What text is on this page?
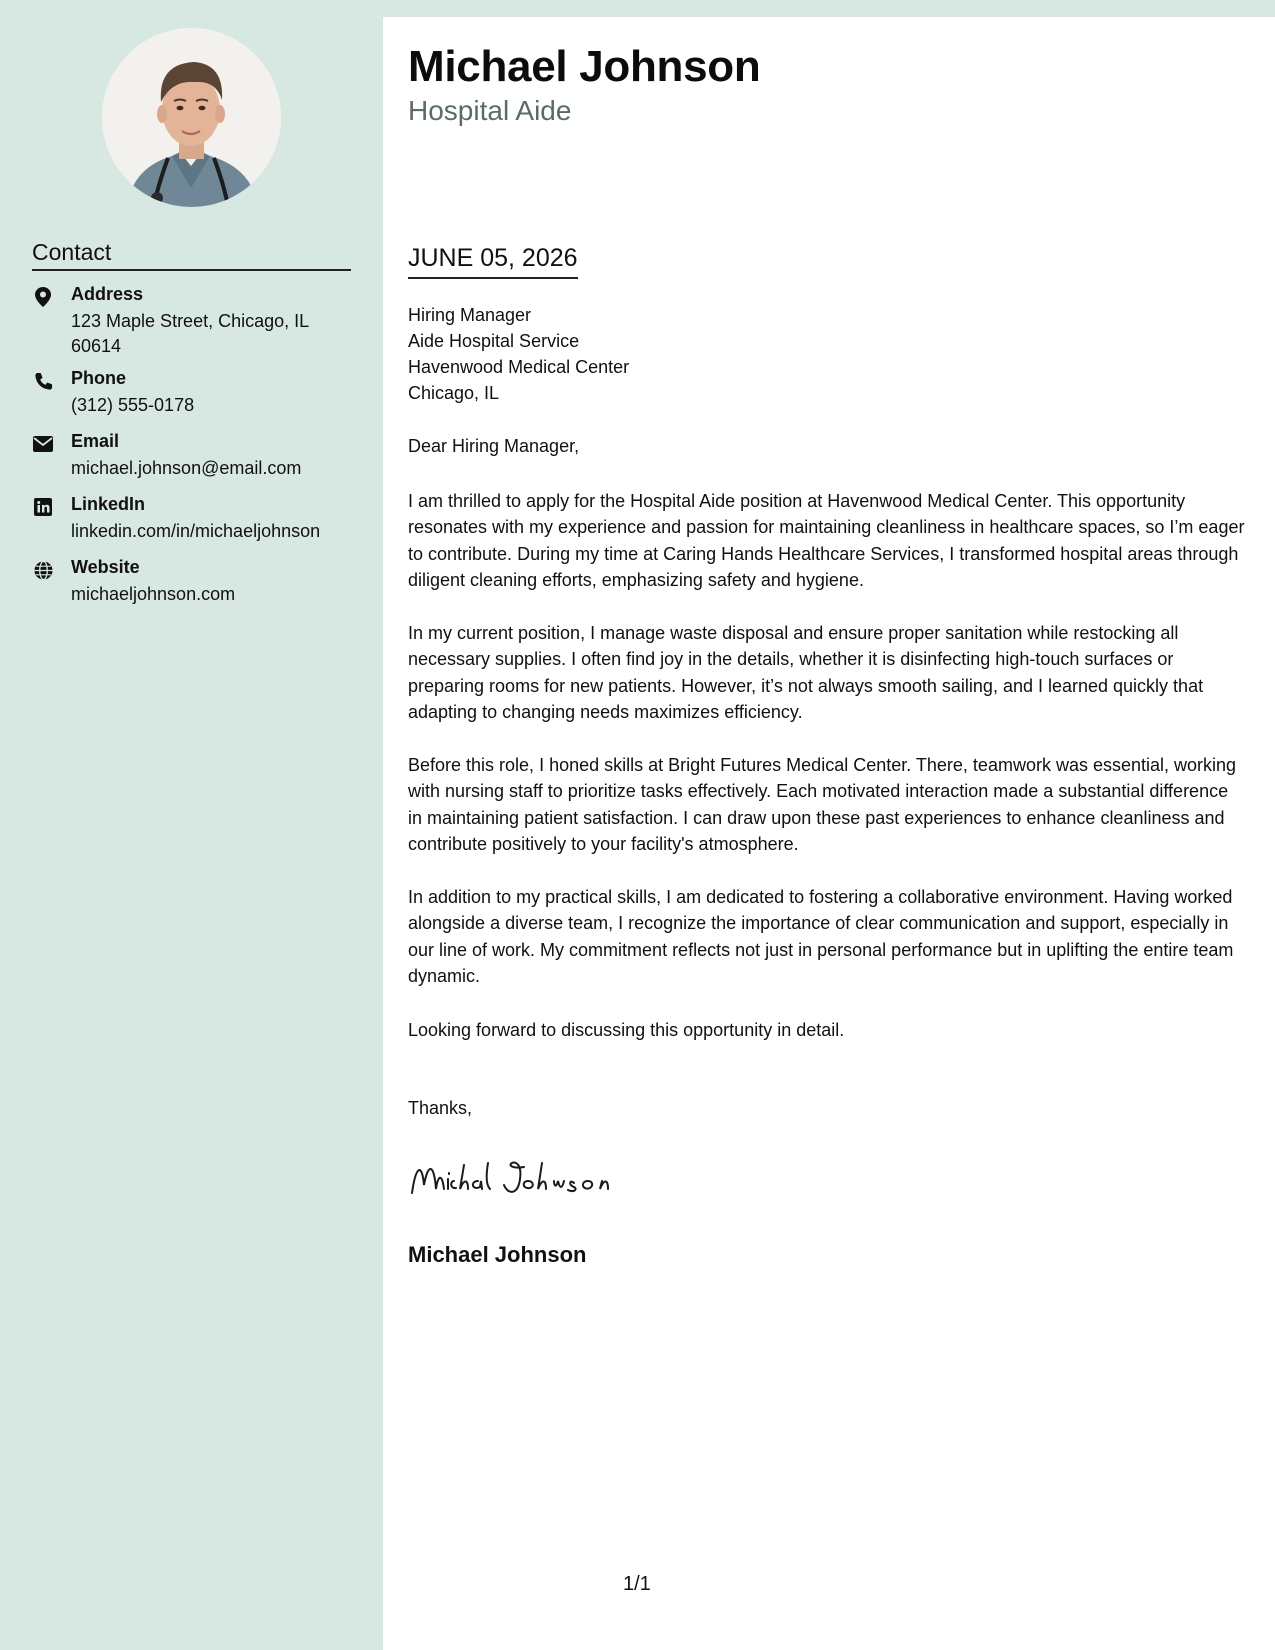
Contact
Address
123 Maple Street, Chicago, IL 60614
Phone
(312) 555-0178
Email
michael.johnson@email.com
LinkedIn
linkedin.com/in/michaeljohnson
Website
michaeljohnson.com
Michael Johnson
Hospital Aide
JUNE 05, 2026
Hiring Manager
Aide Hospital Service
Havenwood Medical Center
Chicago, IL
Dear Hiring Manager,
I am thrilled to apply for the Hospital Aide position at Havenwood Medical Center. This opportunity resonates with my experience and passion for maintaining cleanliness in healthcare spaces, so I’m eager to contribute. During my time at Caring Hands Healthcare Services, I transformed hospital areas through diligent cleaning efforts, emphasizing safety and hygiene.
In my current position, I manage waste disposal and ensure proper sanitation while restocking all necessary supplies. I often find joy in the details, whether it is disinfecting high-touch surfaces or preparing rooms for new patients. However, it’s not always smooth sailing, and I learned quickly that adapting to changing needs maximizes efficiency.
Before this role, I honed skills at Bright Futures Medical Center. There, teamwork was essential, working with nursing staff to prioritize tasks effectively. Each motivated interaction made a substantial difference in maintaining patient satisfaction. I can draw upon these past experiences to enhance cleanliness and contribute positively to your facility's atmosphere.
In addition to my practical skills, I am dedicated to fostering a collaborative environment. Having worked alongside a diverse team, I recognize the importance of clear communication and support, especially in our line of work. My commitment reflects not just in personal performance but in uplifting the entire team dynamic.
Looking forward to discussing this opportunity in detail.
Thanks,
Michael Johnson
1/1
